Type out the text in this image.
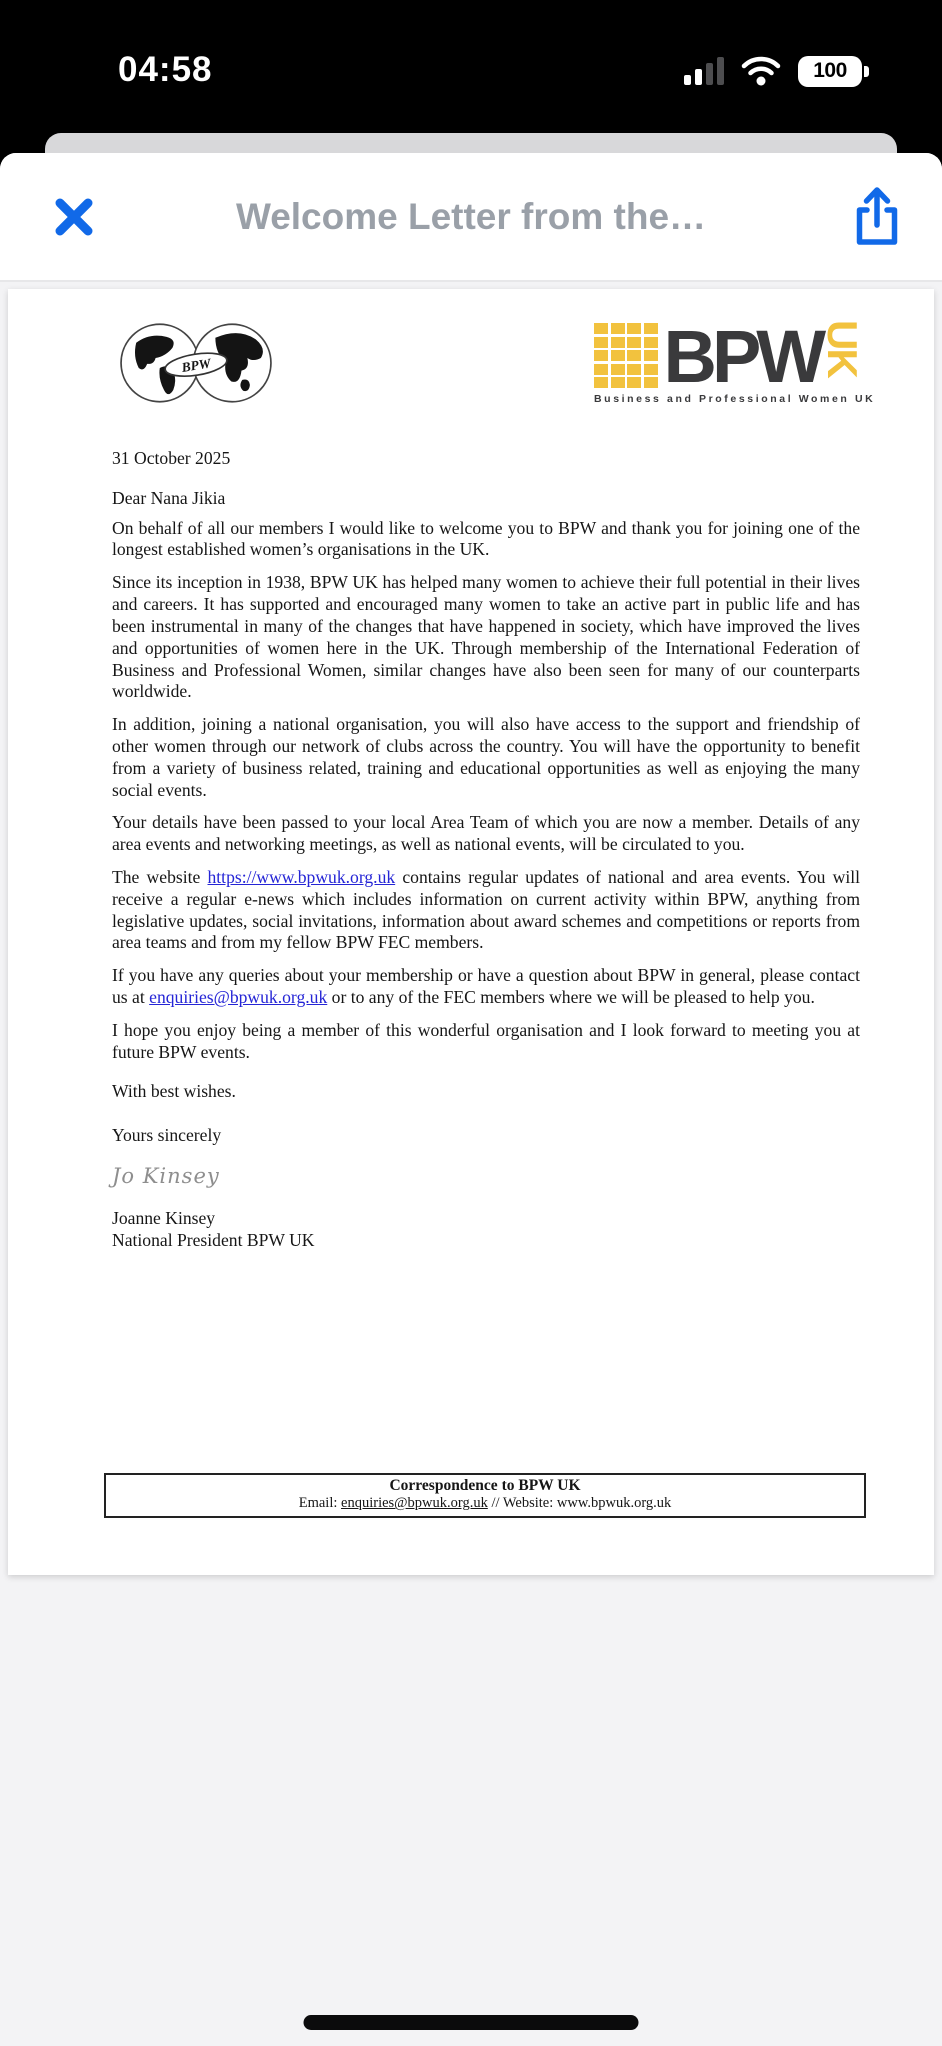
04:58	100
Welcome Letter from the…
BPW	BPW
UK
Business and Professional Women UK

31 October 2025

Dear Nana Jikia

On behalf of all our members I would like to welcome you to BPW and thank you for joining one of the longest established women’s organisations in the UK.

Since its inception in 1938, BPW UK has helped many women to achieve their full potential in their lives and careers. It has supported and encouraged many women to take an active part in public life and has been instrumental in many of the changes that have happened in society, which have improved the lives and opportunities of women here in the UK. Through membership of the International Federation of Business and Professional Women, similar changes have also been seen for many of our counterparts worldwide.

In addition, joining a national organisation, you will also have access to the support and friendship of other women through our network of clubs across the country. You will have the opportunity to benefit from a variety of business related, training and educational opportunities as well as enjoying the many social events.

Your details have been passed to your local Area Team of which you are now a member. Details of any area events and networking meetings, as well as national events, will be circulated to you.

The website https://www.bpwuk.org.uk contains regular updates of national and area events. You will receive a regular e-news which includes information on current activity within BPW, anything from legislative updates, social invitations, information about award schemes and competitions or reports from area teams and from my fellow BPW FEC members.

If you have any queries about your membership or have a question about BPW in general, please contact us at enquiries@bpwuk.org.uk or to any of the FEC members where we will be pleased to help you.

I hope you enjoy being a member of this wonderful organisation and I look forward to meeting you at future BPW events.

With best wishes.

Yours sincerely

Jo Kinsey

Joanne Kinsey
National President BPW UK

Correspondence to BPW UK
Email: enquiries@bpwuk.org.uk // Website: www.bpwuk.org.uk
